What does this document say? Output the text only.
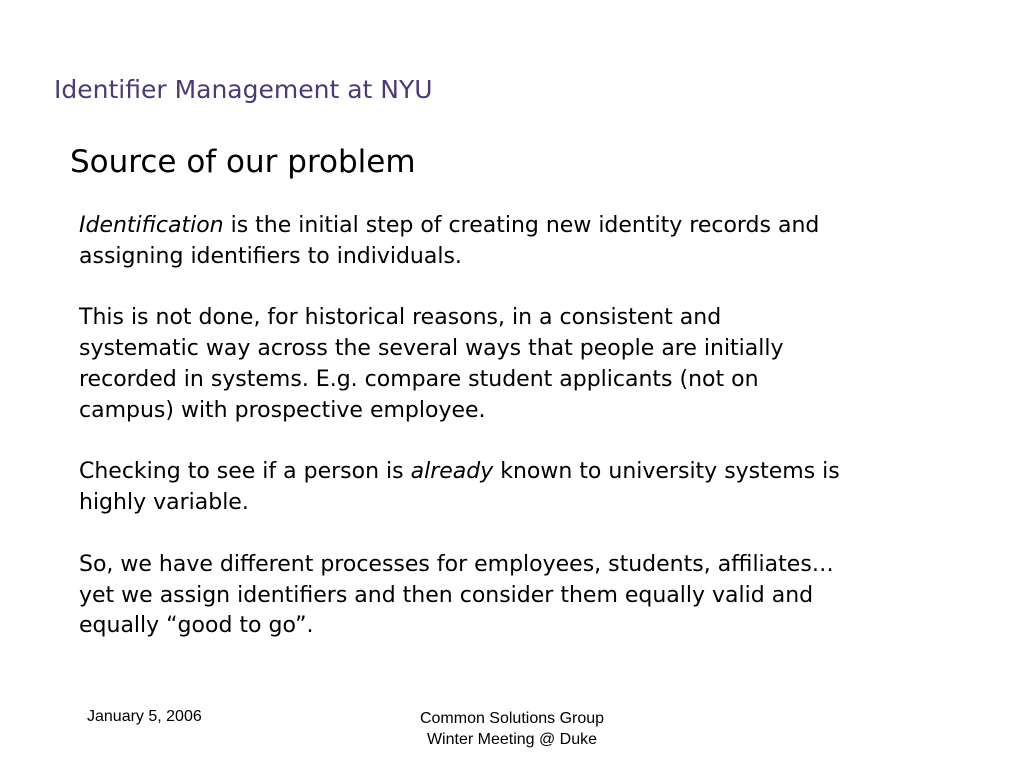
Identifier Management at NYU
Source of our problem

Identification is the initial step of creating new identity records and
assigning identifiers to individuals.

This is not done, for historical reasons, in a consistent and
systematic way across the several ways that people are initially
recorded in systems. E.g. compare student applicants (not on
campus) with prospective employee.

Checking to see if a person is already known to university systems is
highly variable.

So, we have different processes for employees, students, affiliates…
yet we assign identifiers and then consider them equally valid and
equally “good to go”.

January 5, 2006	Common Solutions Group
Winter Meeting @ Duke
